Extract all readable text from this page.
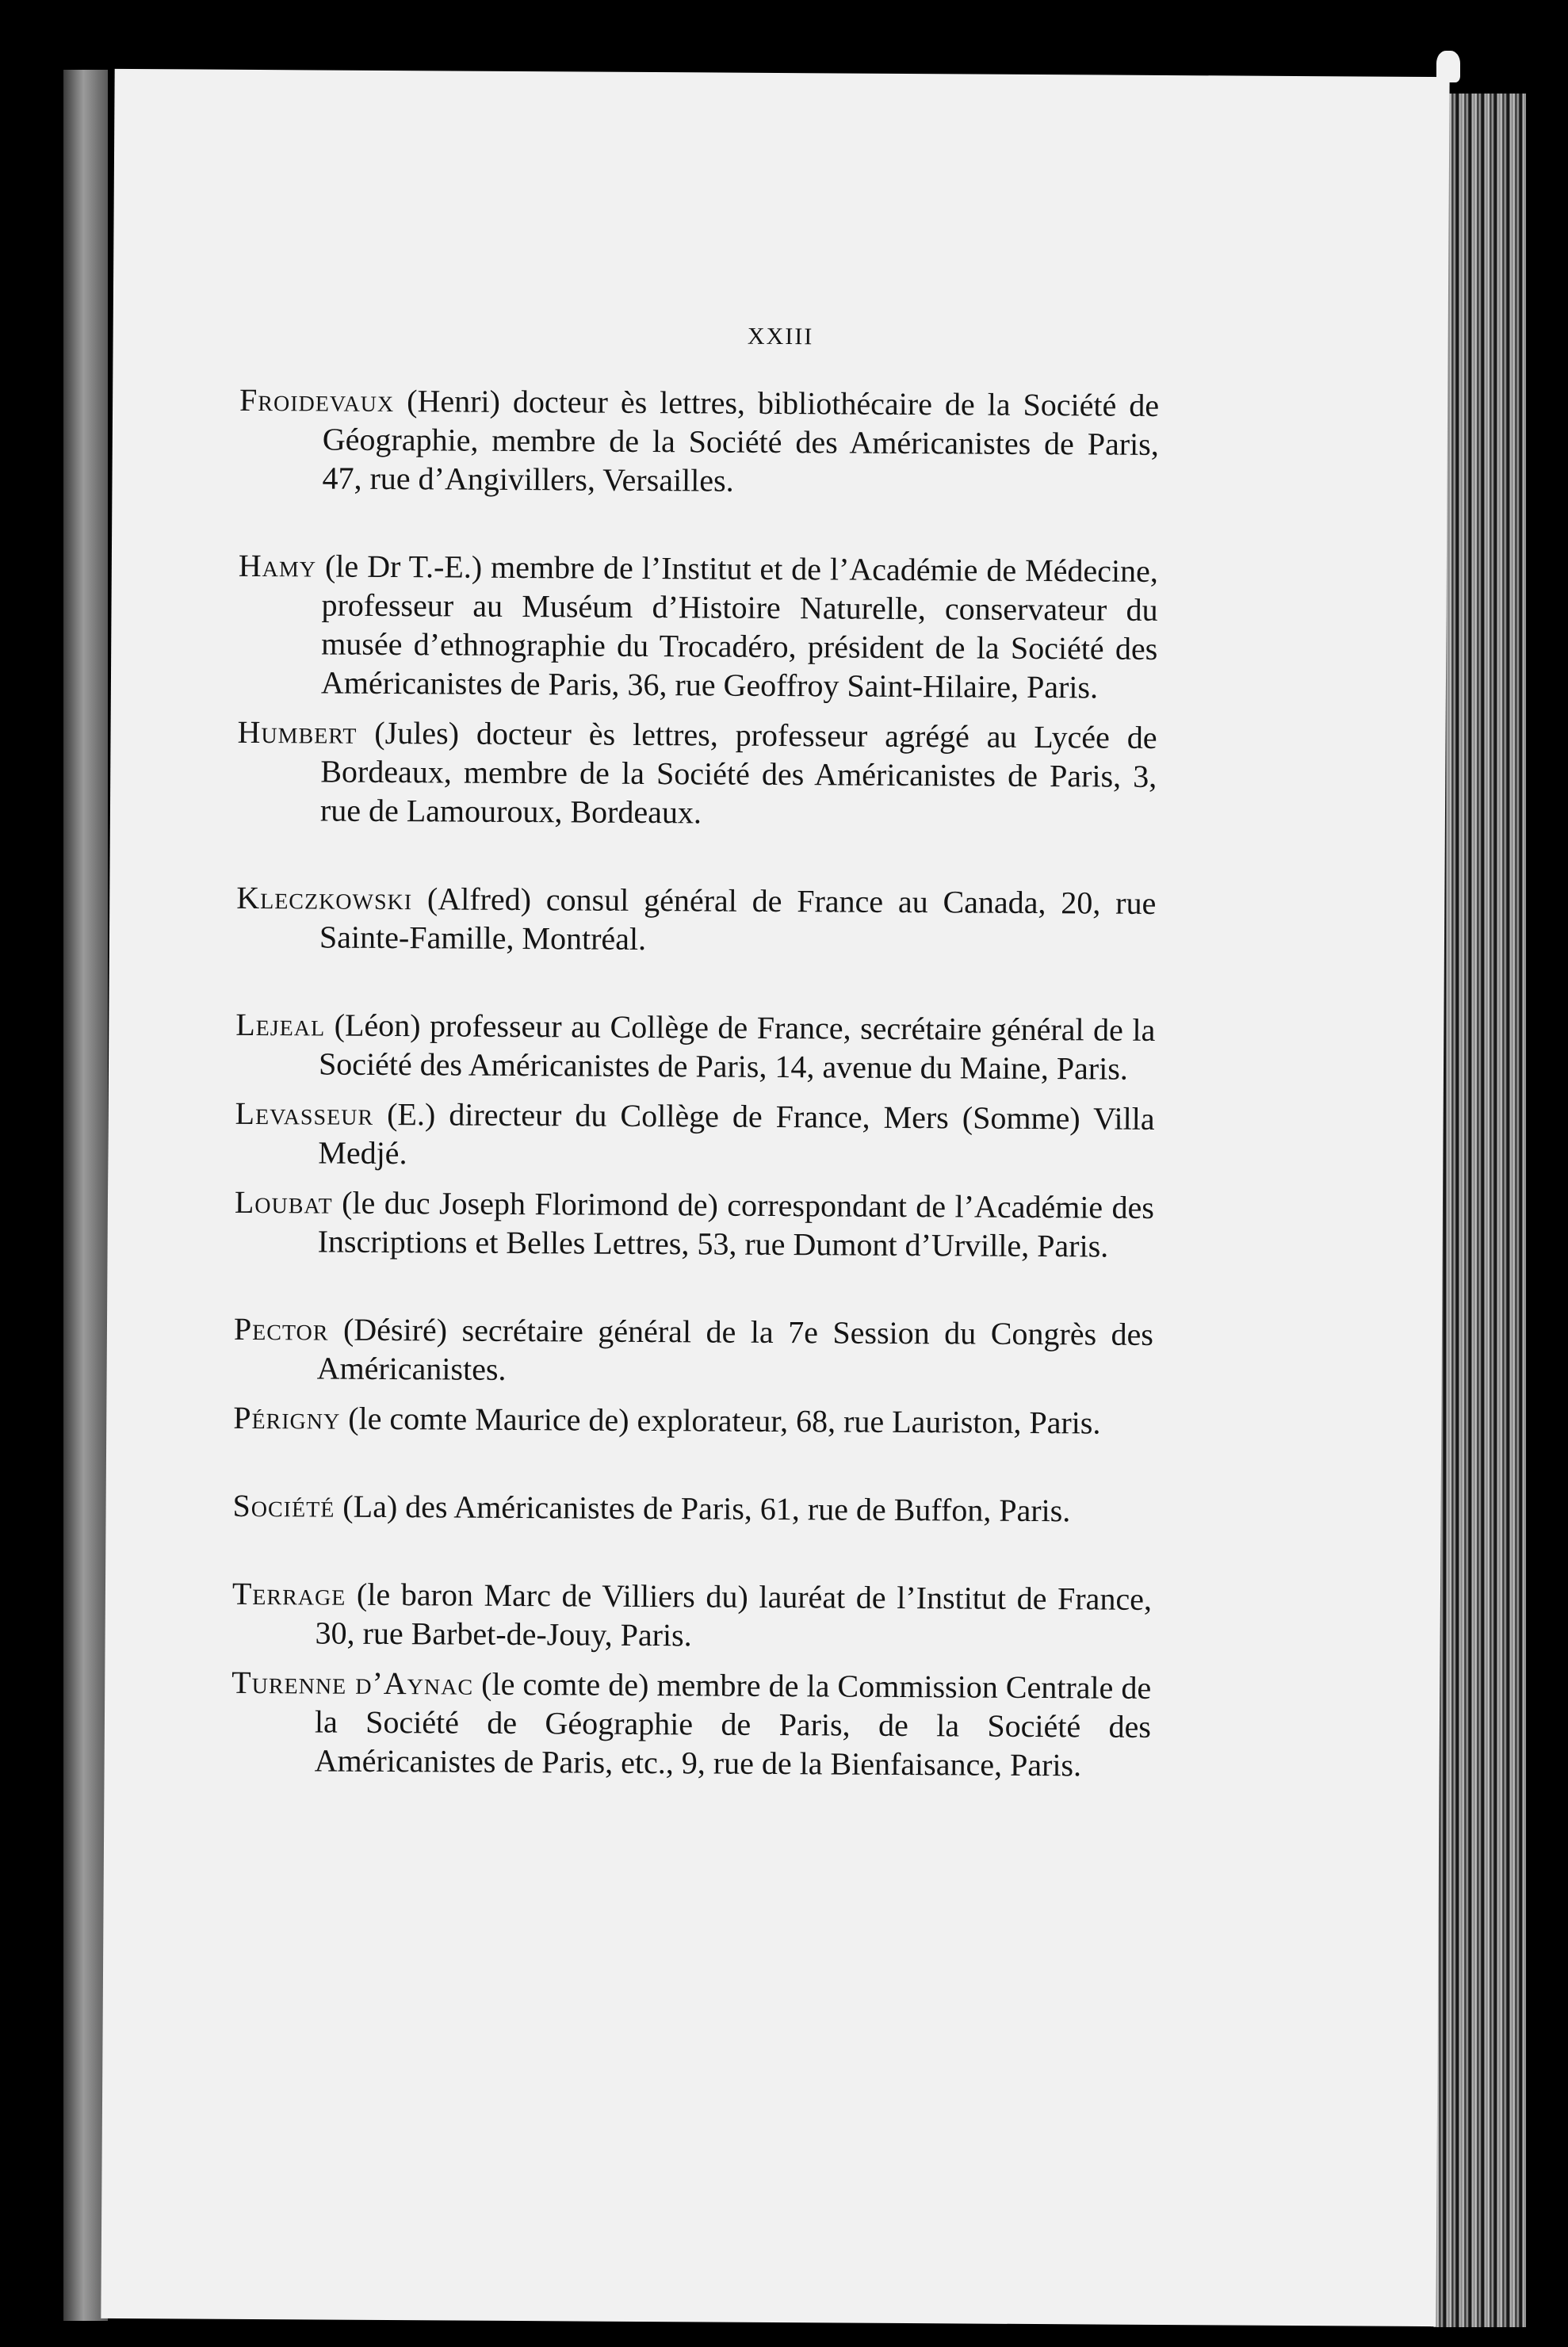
XXIII

Froidevaux (Henri) docteur ès lettres, bibliothécaire de la Société de Géographie, membre de la Société des Américanistes de Paris, 47, rue d’Angivillers, Versailles.

Hamy (le Dr T.-E.) membre de l’Institut et de l’Académie de Médecine, professeur au Muséum d’Histoire Naturelle, conservateur du musée d’ethnographie du Trocadéro, président de la Société des Américanistes de Paris, 36, rue Geoffroy Saint-Hilaire, Paris.

Humbert (Jules) docteur ès lettres, professeur agrégé au Lycée de Bordeaux, membre de la Société des Américanistes de Paris, 3, rue de Lamouroux, Bordeaux.

Kleczkowski (Alfred) consul général de France au Canada, 20, rue Sainte-Famille, Montréal.

Lejeal (Léon) professeur au Collège de France, secrétaire général de la Société des Américanistes de Paris, 14, avenue du Maine, Paris.

Levasseur (E.) directeur du Collège de France, Mers (Somme) Villa Medjé.

Loubat (le duc Joseph Florimond de) correspondant de l’Académie des Inscriptions et Belles Lettres, 53, rue Dumont d’Urville, Paris.

Pector (Désiré) secrétaire général de la 7e Session du Congrès des Américanistes.

Périgny (le comte Maurice de) explorateur, 68, rue Lauriston, Paris.

Société (La) des Américanistes de Paris, 61, rue de Buffon, Paris.

Terrage (le baron Marc de Villiers du) lauréat de l’Institut de France, 30, rue Barbet-de-Jouy, Paris.

Turenne d’Aynac (le comte de) membre de la Commission Centrale de la Société de Géographie de Paris, de la Société des Américanistes de Paris, etc., 9, rue de la Bienfaisance, Paris.
